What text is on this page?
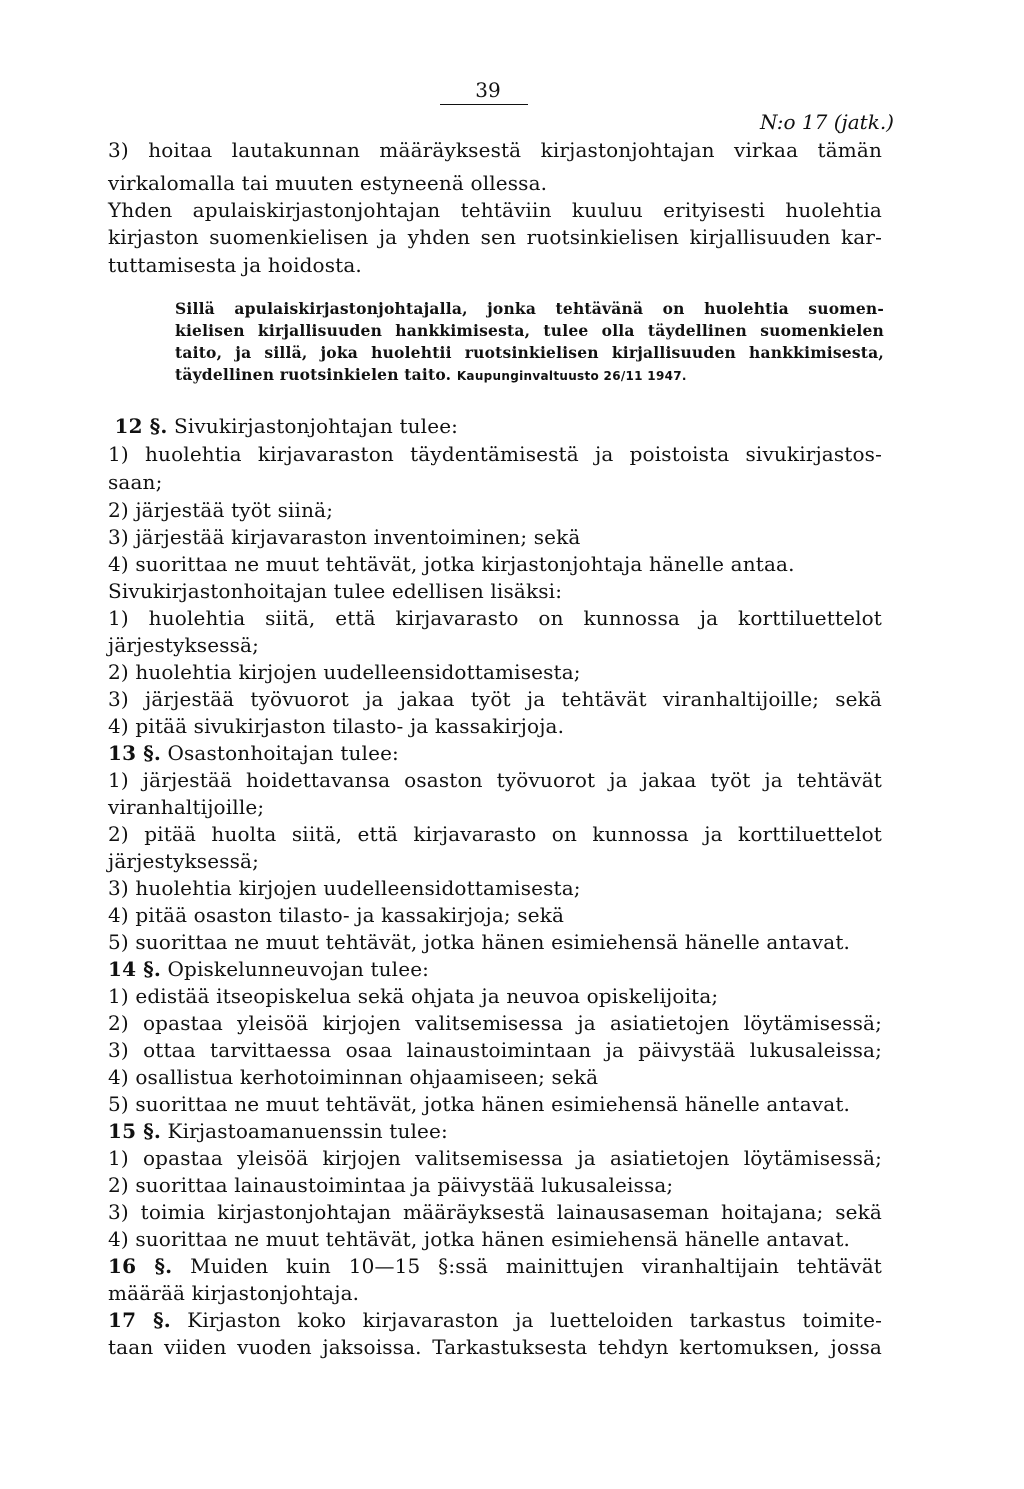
39
N:o 17 (jatk.)
3) hoitaa lautakunnan määräyksestä kirjastonjohtajan virkaa tämän
virkalomalla tai muuten estyneenä ollessa.
Yhden apulaiskirjastonjohtajan tehtäviin kuuluu erityisesti huolehtia
kirjaston suomenkielisen ja yhden sen ruotsinkielisen kirjallisuuden kar-
tuttamisesta ja hoidosta.
Sillä apulaiskirjastonjohtajalla, jonka tehtävänä on huolehtia suomen-
kielisen kirjallisuuden hankkimisesta, tulee olla täydellinen suomenkielen
taito, ja sillä, joka huolehtii ruotsinkielisen kirjallisuuden hankkimisesta,
täydellinen ruotsinkielen taito. Kaupunginvaltuusto 26/11 1947.
12 §. Sivukirjastonjohtajan tulee:
1) huolehtia kirjavaraston täydentämisestä ja poistoista sivukirjastos-
saan;
2) järjestää työt siinä;
3) järjestää kirjavaraston inventoiminen; sekä
4) suorittaa ne muut tehtävät, jotka kirjastonjohtaja hänelle antaa.
Sivukirjastonhoitajan tulee edellisen lisäksi:
1) huolehtia siitä, että kirjavarasto on kunnossa ja korttiluettelot
järjestyksessä;
2) huolehtia kirjojen uudelleensidottamisesta;
3) järjestää työvuorot ja jakaa työt ja tehtävät viranhaltijoille; sekä
4) pitää sivukirjaston tilasto- ja kassakirjoja.
13 §. Osastonhoitajan tulee:
1) järjestää hoidettavansa osaston työvuorot ja jakaa työt ja tehtävät
viranhaltijoille;
2) pitää huolta siitä, että kirjavarasto on kunnossa ja korttiluettelot
järjestyksessä;
3) huolehtia kirjojen uudelleensidottamisesta;
4) pitää osaston tilasto- ja kassakirjoja; sekä
5) suorittaa ne muut tehtävät, jotka hänen esimiehensä hänelle antavat.
14 §. Opiskelunneuvojan tulee:
1) edistää itseopiskelua sekä ohjata ja neuvoa opiskelijoita;
2) opastaa yleisöä kirjojen valitsemisessa ja asiatietojen löytämisessä;
3) ottaa tarvittaessa osaa lainaustoimintaan ja päivystää lukusaleissa;
4) osallistua kerhotoiminnan ohjaamiseen; sekä
5) suorittaa ne muut tehtävät, jotka hänen esimiehensä hänelle antavat.
15 §. Kirjastoamanuenssin tulee:
1) opastaa yleisöä kirjojen valitsemisessa ja asiatietojen löytämisessä;
2) suorittaa lainaustoimintaa ja päivystää lukusaleissa;
3) toimia kirjastonjohtajan määräyksestä lainausaseman hoitajana; sekä
4) suorittaa ne muut tehtävät, jotka hänen esimiehensä hänelle antavat.
16 §. Muiden kuin 10—15 §:ssä mainittujen viranhaltijain tehtävät
määrää kirjastonjohtaja.
17 §. Kirjaston koko kirjavaraston ja luetteloiden tarkastus toimite-
taan viiden vuoden jaksoissa. Tarkastuksesta tehdyn kertomuksen, jossa
